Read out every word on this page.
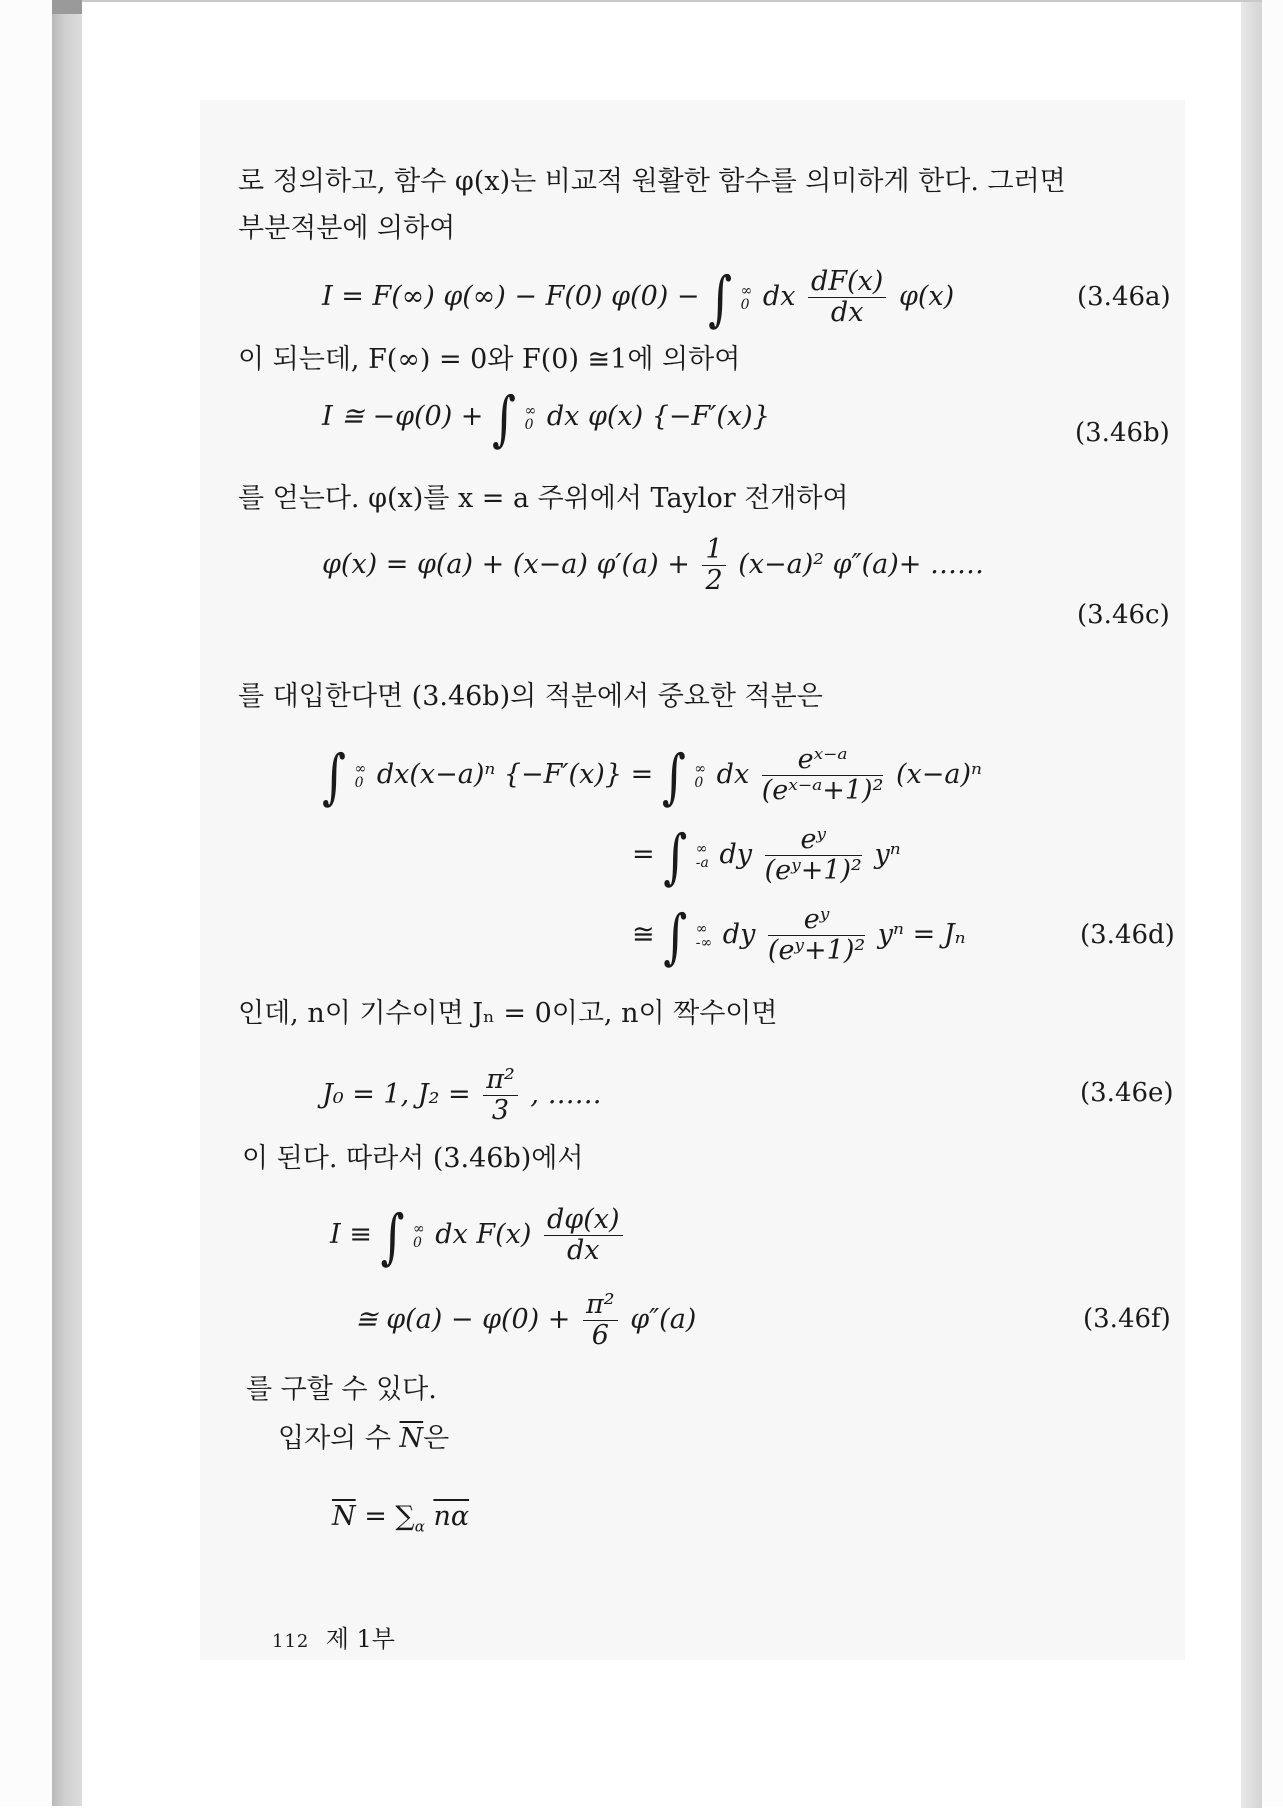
로 정의하고, 함수 φ(x)는 비교적 원활한 함수를 의미하게 한다. 그러면
부분적분에 의하여
I = F(∞) φ(∞) − F(0) φ(0) − ∫ ∞
0 dx $\frac{dF(x)}{dx} \varphi(x)$	(3.46a)
이 되는데, F(∞) = 0와 F(0) ≅1에 의하여
I ≅ −φ(0) + ∫ ∞
0 dx φ(x) {−F′(x)}
(3.46b)
를 얻는다. φ(x)를 x = a 주위에서 Taylor 전개하여
φ(x) = φ(a) + (x−a) $\varphi'(a) + \frac{1}{2} (x-a)^2$ φ″(a)+ ……
(3.46c)
를 대입한다면 (3.46b)의 적분에서 중요한 적분은
∫ ∞
0 dx(x−a)ⁿ {−F′(x)} = ∫ ∞
0 dx $\frac{\text{eˣ⁻ᵃ}}{\text{(eˣ⁻ᵃ+1)²}} (x-a)^n$
= ∫ ∞
-a dy $\frac{\text{eʸ}}{\text{(eʸ+1)²}}$ yⁿ
≅ ∫ ∞
-∞ dy $\frac{\text{eʸ}}{\text{(eʸ+1)²}}$ yⁿ = Jₙ	(3.46d)
인데, n이 기수이면 Jₙ = 0이고, n이 짝수이면
J₀ = 1, $J_2 = \frac{\text{π²}}{3}$ , ……	(3.46e)
이 된다. 따라서 (3.46b)에서
I ≡ ∫ ∞
0 dx $F(x) \frac{d\varphi(x)}{dx}$
≅ $\varphi(a) - \varphi(0) + \frac{\text{π²}}{6} \varphi''(a)$	(3.46f)
를 구할 수 있다.
입자의 수 $\overline{N}$은
$\overline{N} = \sum_\alpha$ $\overline{n\alpha}$
112 제 1부
